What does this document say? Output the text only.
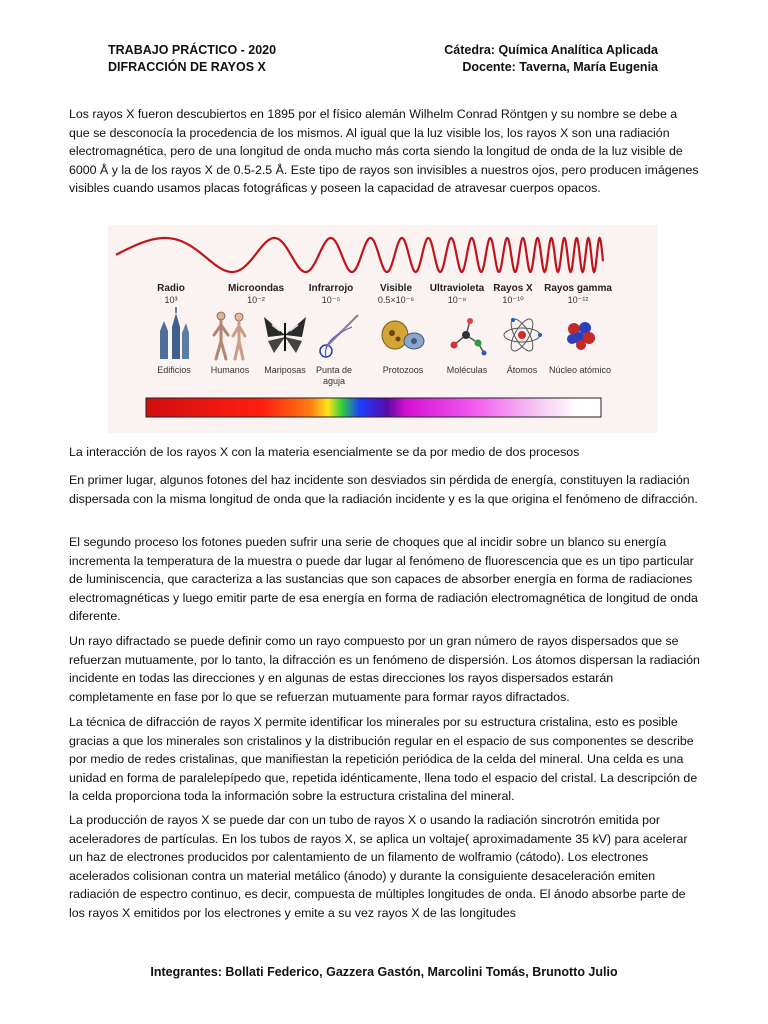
TRABAJO PRÁCTICO - 2020
DIFRACCIÓN DE RAYOS X
Cátedra: Química Analítica Aplicada
Docente: Taverna, María Eugenia

Los rayos X fueron descubiertos en 1895 por el físico alemán Wilhelm Conrad Röntgen y su nombre se debe a que se desconocía la procedencia de los mismos. Al igual que la luz visible los, los rayos X son una radiación electromagnética, pero de una longitud de onda mucho más corta siendo la longitud de onda de la luz visible de 6000 Å y la de los rayos X de 0.5-2.5 Å. Este tipo de rayos son invisibles a nuestros ojos, pero producen imágenes visibles cuando usamos placas fotográficas y poseen la capacidad de atravesar cuerpos opacos.

Radio
10³
Microondas
10⁻²
Infrarrojo
10⁻⁵
Visible
0.5×10⁻⁶
Ultravioleta
10⁻⁸
Rayos X
10⁻¹⁰
Rayos gamma
10⁻¹²
Edificios	Humanos	Mariposas	Punta de aguja
Protozoos	Moléculas	Átomos	Núcleo atómico

La interacción de los rayos X con la materia esencialmente se da por medio de dos procesos

En primer lugar, algunos fotones del haz incidente son desviados sin pérdida de energía, constituyen la radiación dispersada con la misma longitud de onda que la radiación incidente y es la que origina el fenómeno de difracción.

El segundo proceso los fotones pueden sufrir una serie de choques que al incidir sobre un blanco su energía incrementa la temperatura de la muestra o puede dar lugar al fenómeno de fluorescencia que es un tipo particular de luminiscencia, que caracteriza a las sustancias que son capaces de absorber energía en forma de radiaciones electromagnéticas y luego emitir parte de esa energía en forma de radiación electromagnética de longitud de onda diferente.

Un rayo difractado se puede definir como un rayo compuesto por un gran número de rayos dispersados que se refuerzan mutuamente, por lo tanto, la difracción es un fenómeno de dispersión. Los átomos dispersan la radiación incidente en todas las direcciones y en algunas de estas direcciones los rayos dispersados estarán completamente en fase por lo que se refuerzan mutuamente para formar rayos difractados.

La técnica de difracción de rayos X permite identificar los minerales por su estructura cristalina, esto es posible gracias a que los minerales son cristalinos y la distribución regular en el espacio de sus componentes se describe por medio de redes cristalinas, que manifiestan la repetición periódica de la celda del mineral. Una celda es una unidad en forma de paralelepípedo que, repetida idénticamente, llena todo el espacio del cristal. La descripción de la celda proporciona toda la información sobre la estructura cristalina del mineral.

La producción de rayos X se puede dar con un tubo de rayos X o usando la radiación sincrotrón emitida por aceleradores de partículas. En los tubos de rayos X, se aplica un voltaje( aproximadamente 35 kV) para acelerar un haz de electrones producidos por calentamiento de un filamento de wolframio (cátodo). Los electrones acelerados colisionan contra un material metálico (ánodo) y durante la consiguiente desaceleración emiten radiación de espectro continuo, es decir, compuesta de múltiples longitudes de onda. El ánodo absorbe parte de los rayos X emitidos por los electrones y emite a su vez rayos X de las longitudes

Integrantes: Bollati Federico, Gazzera Gastón, Marcolini Tomás, Brunotto Julio
